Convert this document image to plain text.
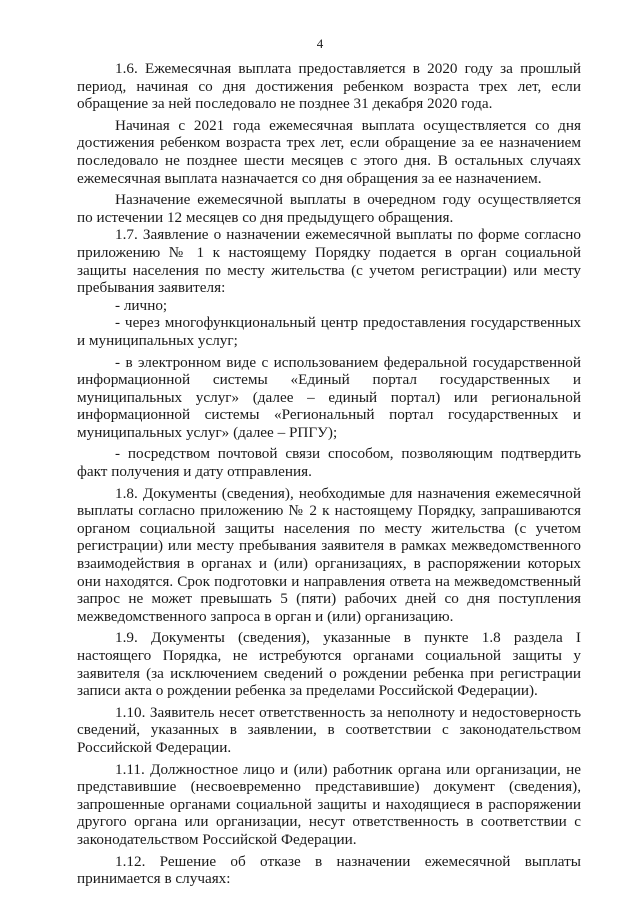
4

1.6. Ежемесячная выплата предоставляется в 2020 году за прошлый период, начиная со дня достижения ребенком возраста трех лет, если обращение за ней последовало не позднее 31 декабря 2020 года.

Начиная с 2021 года ежемесячная выплата осуществляется со дня достижения ребенком возраста трех лет, если обращение за ее назначением последовало не позднее шести месяцев с этого дня. В остальных случаях ежемесячная выплата назначается со дня обращения за ее назначением.

Назначение ежемесячной выплаты в очередном году осуществляется по истечении 12 месяцев со дня предыдущего обращения.

1.7. Заявление о назначении ежемесячной выплаты по форме согласно приложению № 1 к настоящему Порядку подается в орган социальной защиты населения по месту жительства (с учетом регистрации) или месту пребывания заявителя:

- лично;

- через многофункциональный центр предоставления государственных и муниципальных услуг;

- в электронном виде с использованием федеральной государственной информационной системы «Единый портал государственных и муниципальных услуг» (далее – единый портал) или региональной информационной системы «Региональный портал государственных и муниципальных услуг» (далее – РПГУ);

- посредством почтовой связи способом, позволяющим подтвердить факт получения и дату отправления.

1.8. Документы (сведения), необходимые для назначения ежемесячной выплаты согласно приложению № 2 к настоящему Порядку, запрашиваются органом социальной защиты населения по месту жительства (с учетом регистрации) или месту пребывания заявителя в рамках межведомственного взаимодействия в органах и (или) организациях, в распоряжении которых они находятся. Срок подготовки и направления ответа на межведомственный запрос не может превышать 5 (пяти) рабочих дней со дня поступления межведомственного запроса в орган и (или) организацию.

1.9. Документы (сведения), указанные в пункте 1.8 раздела I настоящего Порядка, не истребуются органами социальной защиты у заявителя (за исключением сведений о рождении ребенка при регистрации записи акта о рождении ребенка за пределами Российской Федерации).

1.10. Заявитель несет ответственность за неполноту и недостоверность сведений, указанных в заявлении, в соответствии с законодательством Российской Федерации.

1.11. Должностное лицо и (или) работник органа или организации, не представившие (несвоевременно представившие) документ (сведения), запрошенные органами социальной защиты и находящиеся в распоряжении другого органа или организации, несут ответственность в соответствии с законодательством Российской Федерации.

1.12. Решение об отказе в назначении ежемесячной выплаты принимается в случаях:
